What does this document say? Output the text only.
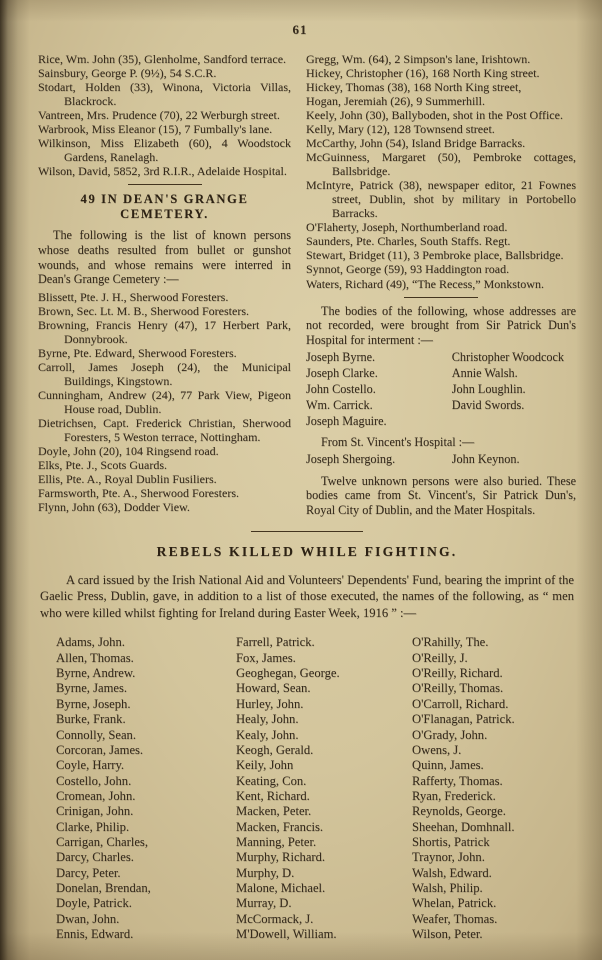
61

Rice, Wm. John (35), Glenholme, Sandford terrace.

Sainsbury, George P. (9½), 54 S.C.R.

Stodart, Holden (33), Winona, Victoria Villas, Blackrock.

Vantreen, Mrs. Prudence (70), 22 Werburgh street.

Warbrook, Miss Eleanor (15), 7 Fumbally's lane.

Wilkinson, Miss Elizabeth (60), 4 Woodstock Gardens, Ranelagh.

Wilson, David, 5852, 3rd R.I.R., Adelaide Hospital.

49 IN DEAN'S GRANGE CEMETERY.

The following is the list of known persons whose deaths resulted from bullet or gunshot wounds, and whose remains were interred in Dean's Grange Cemetery :—

Blissett, Pte. J. H., Sherwood Foresters.

Brown, Sec. Lt. M. B., Sherwood Foresters.

Browning, Francis Henry (47), 17 Herbert Park, Donnybrook.

Byrne, Pte. Edward, Sherwood Foresters.

Carroll, James Joseph (24), the Municipal Buildings, Kingstown.

Cunningham, Andrew (24), 77 Park View, Pigeon House road, Dublin.

Dietrichsen, Capt. Frederick Christian, Sherwood Foresters, 5 Weston terrace, Nottingham.

Doyle, John (20), 104 Ringsend road.

Elks, Pte. J., Scots Guards.

Ellis, Pte. A., Royal Dublin Fusiliers.

Farmsworth, Pte. A., Sherwood Foresters.

Flynn, John (63), Dodder View.

Gregg, Wm. (64), 2 Simpson's lane, Irishtown.

Hickey, Christopher (16), 168 North King street.

Hickey, Thomas (38), 168 North King street,

Hogan, Jeremiah (26), 9 Summerhill.

Keely, John (30), Ballyboden, shot in the Post Office.

Kelly, Mary (12), 128 Townsend street.

McCarthy, John (54), Island Bridge Barracks.

McGuinness, Margaret (50), Pembroke cottages, Ballsbridge.

McIntyre, Patrick (38), newspaper editor, 21 Fownes street, Dublin, shot by military in Portobello Barracks.

O'Flaherty, Joseph, Northumberland road.

Saunders, Pte. Charles, South Staffs. Regt.

Stewart, Bridget (11), 3 Pembroke place, Ballsbridge.

Synnot, George (59), 93 Haddington road.

Waters, Richard (49), “The Recess,” Monkstown.

The bodies of the following, whose addresses are not recorded, were brought from Sir Patrick Dun's Hospital for interment :—

Joseph Byrne.	Christopher Woodcock
Joseph Clarke.	Annie Walsh.
John Costello.	John Loughlin.
Wm. Carrick.	David Swords.
Joseph Maguire.

From St. Vincent's Hospital :—

Joseph Shergoing.	John Keynon.

Twelve unknown persons were also buried. These bodies came from St. Vincent's, Sir Patrick Dun's, Royal City of Dublin, and the Mater Hospitals.

REBELS KILLED WHILE FIGHTING.

A card issued by the Irish National Aid and Volunteers' Dependents' Fund, bearing the imprint of the Gaelic Press, Dublin, gave, in addition to a list of those executed, the names of the following, as “ men who were killed whilst fighting for Ireland during Easter Week, 1916 ” :—

Adams, John.

Allen, Thomas.

Byrne, Andrew.

Byrne, James.

Byrne, Joseph.

Burke, Frank.

Connolly, Sean.

Corcoran, James.

Coyle, Harry.

Costello, John.

Cromean, John.

Crinigan, John.

Clarke, Philip.

Carrigan, Charles,

Darcy, Charles.

Darcy, Peter.

Donelan, Brendan,

Doyle, Patrick.

Dwan, John.

Ennis, Edward.

Farrell, Patrick.

Fox, James.

Geoghegan, George.

Howard, Sean.

Hurley, John.

Healy, John.

Kealy, John.

Keogh, Gerald.

Keily, John

Keating, Con.

Kent, Richard.

Macken, Peter.

Macken, Francis.

Manning, Peter.

Murphy, Richard.

Murphy, D.

Malone, Michael.

Murray, D.

McCormack, J.

M'Dowell, William.

O'Rahilly, The.

O'Reilly, J.

O'Reilly, Richard.

O'Reilly, Thomas.

O'Carroll, Richard.

O'Flanagan, Patrick.

O'Grady, John.

Owens, J.

Quinn, James.

Rafferty, Thomas.

Ryan, Frederick.

Reynolds, George.

Sheehan, Domhnall.

Shortis, Patrick

Traynor, John.

Walsh, Edward.

Walsh, Philip.

Whelan, Patrick.

Weafer, Thomas.

Wilson, Peter.
